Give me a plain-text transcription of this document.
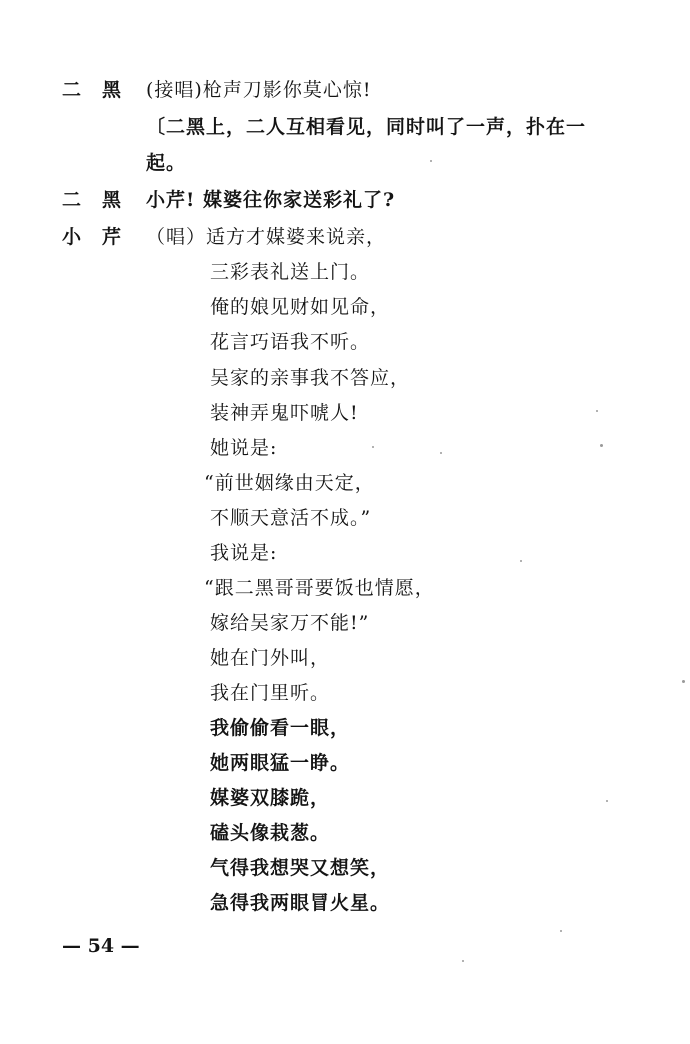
二 黑 (接唱)枪声刀影你莫心惊!
〔二黑上，二人互相看见，同时叫了一声，扑在一
起。
二 黑 小芹! 媒婆往你家送彩礼了?
小 芹 （唱）适方才媒婆来说亲，
三彩表礼送上门。
俺的娘见财如见命，
花言巧语我不听。
吴家的亲事我不答应，
装神弄鬼吓唬人!
她说是:
“前世姻缘由天定，
不顺天意活不成。”
我说是:
“跟二黑哥哥要饭也情愿，
嫁给吴家万不能!”
她在门外叫，
我在门里听。
我偷偷看一眼，
她两眼猛一睁。
媒婆双膝跪，
磕头像栽葱。
气得我想哭又想笑，
急得我两眼冒火星。
— 54 —
